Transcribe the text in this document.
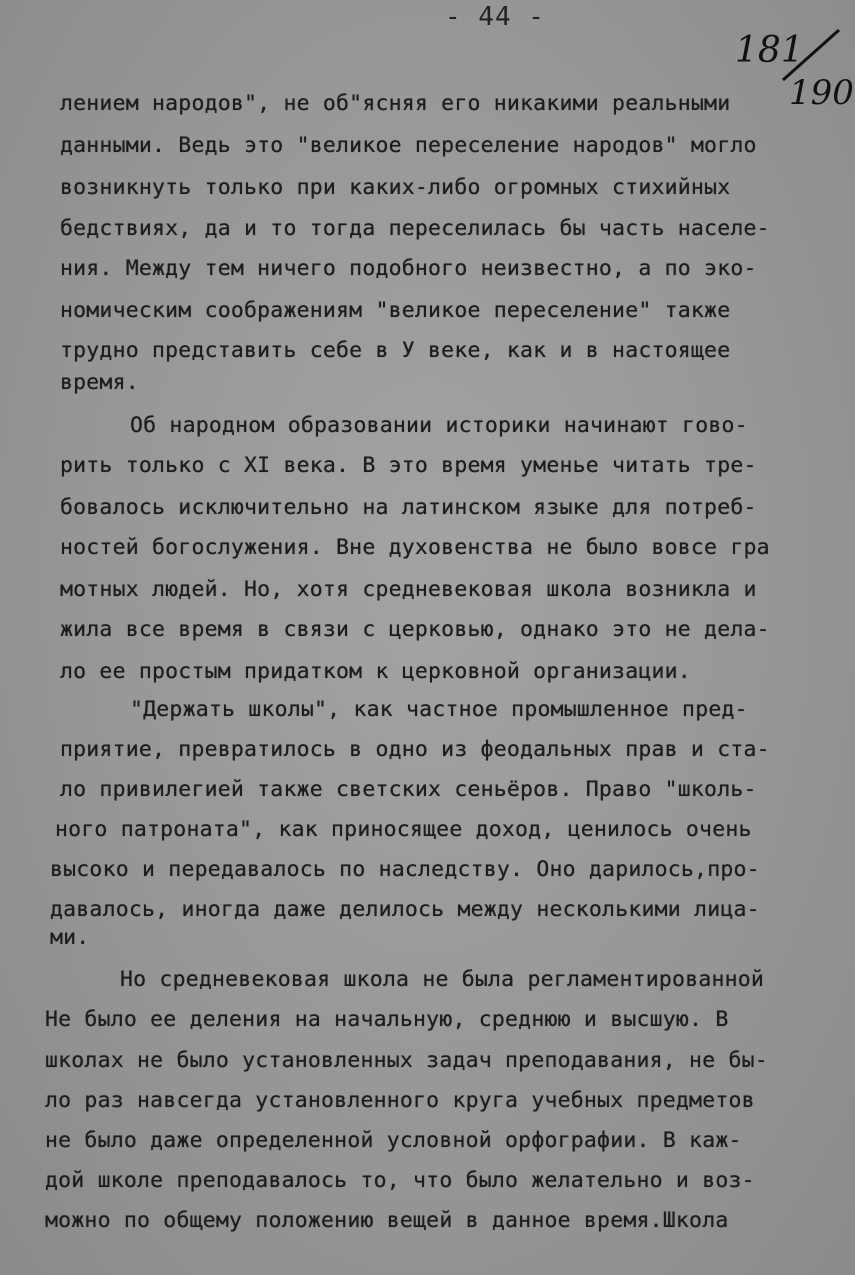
- 44 -
181
190
лением народов", не об"ясняя его никакими реальными
данными. Ведь это "великое переселение народов" могло
возникнуть только при каких-либо огромных стихийных
бедствиях, да и то тогда переселилась бы часть населе-
ния. Между тем ничего подобного неизвестно, а по эко-
номическим соображениям "великое переселение" также
трудно представить себе в У веке, как и в настоящее
время.
Об народном образовании историки начинают гово-
рить только с XI века. В это время уменье читать тре-
бовалось исключительно на латинском языке для потреб-
ностей богослужения. Вне духовенства не было вовсе гра
мотных людей. Но, хотя средневековая школа возникла и
жила все время в связи с церковью, однако это не дела-
ло ее простым придатком к церковной организации.
"Держать школы", как частное промышленное пред-
приятие, превратилось в одно из феодальных прав и ста-
ло привилегией также светских сеньёров. Право "школь-
ного патроната", как приносящее доход, ценилось очень
высоко и передавалось по наследству. Оно дарилось,про-
давалось, иногда даже делилось между несколькими лица-
ми.
Но средневековая школа не была регламентированной
Не было ее деления на начальную, среднюю и высшую. В
школах не было установленных задач преподавания, не бы-
ло раз навсегда установленного круга учебных предметов
не было даже определенной условной орфографии. В каж-
дой школе преподавалось то, что было желательно и воз-
можно по общему положению вещей в данное время.Школа
